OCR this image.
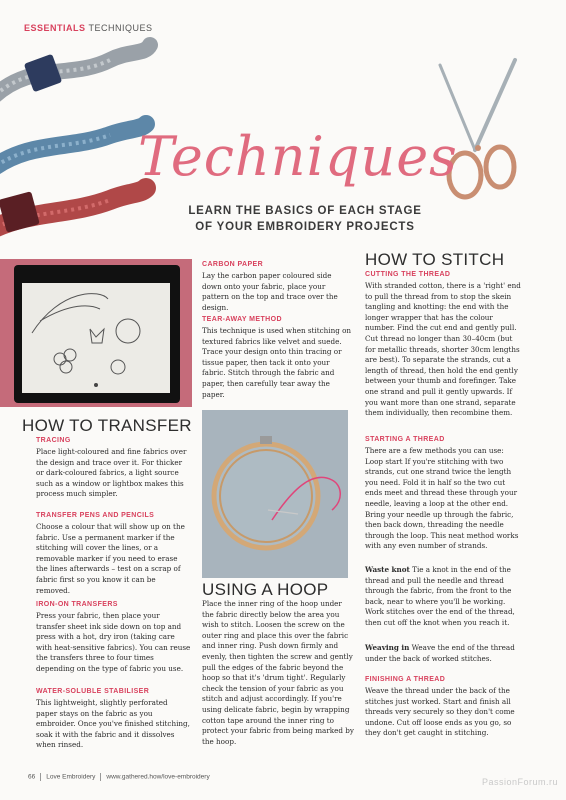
ESSENTIALS TECHNIQUES
Techniques
LEARN THE BASICS OF EACH STAGE
OF YOUR EMBROIDERY PROJECTS
HOW TO TRANSFER
TRACING
Place light-coloured and fine fabrics over the design and trace over it. For thicker or dark-coloured fabrics, a light source such as a window or lightbox makes this process much simpler.
TRANSFER PENS AND PENCILS
Choose a colour that will show up on the fabric. Use a permanent marker if the stitching will cover the lines, or a removable marker if you need to erase the lines afterwards – test on a scrap of fabric first so you know it can be removed.
IRON-ON TRANSFERS
Press your fabric, then place your transfer sheet ink side down on top and press with a hot, dry iron (taking care with heat-sensitive fabrics). You can reuse the transfers three to four times depending on the type of fabric you use.
WATER-SOLUBLE STABILISER
This lightweight, slightly perforated paper stays on the fabric as you embroider. Once you've finished stitching, soak it with the fabric and it dissolves when rinsed.
CARBON PAPER
Lay the carbon paper coloured side down onto your fabric, place your pattern on the top and trace over the design.
TEAR-AWAY METHOD
This technique is used when stitching on textured fabrics like velvet and suede. Trace your design onto thin tracing or tissue paper, then tack it onto your fabric. Stitch through the fabric and paper, then carefully tear away the paper.
USING A HOOP
Place the inner ring of the hoop under the fabric directly below the area you wish to stitch. Loosen the screw on the outer ring and place this over the fabric and inner ring. Push down firmly and evenly, then tighten the screw and gently pull the edges of the fabric beyond the hoop so that it's 'drum tight'. Regularly check the tension of your fabric as you stitch and adjust accordingly. If you're using delicate fabric, begin by wrapping cotton tape around the inner ring to protect your fabric from being marked by the hoop.
HOW TO STITCH
CUTTING THE THREAD
With stranded cotton, there is a 'right' end to pull the thread from to stop the skein tangling and knotting: the end with the longer wrapper that has the colour number. Find the cut end and gently pull. Cut thread no longer than 30–40cm (but for metallic threads, shorter 30cm lengths are best). To separate the strands, cut a length of thread, then hold the end gently between your thumb and forefinger. Take one strand and pull it gently upwards. If you want more than one strand, separate them individually, then recombine them.
STARTING A THREAD
There are a few methods you can use: Loop start If you're stitching with two strands, cut one strand twice the length you need. Fold it in half so the two cut ends meet and thread these through your needle, leaving a loop at the other end. Bring your needle up through the fabric, then back down, threading the needle through the loop. This neat method works with any even number of strands.
Waste knot Tie a knot in the end of the thread and pull the needle and thread through the fabric, from the front to the back, near to where you'll be working. Work stitches over the end of the thread, then cut off the knot when you reach it.
Weaving in Weave the end of the thread under the back of worked stitches.
FINISHING A THREAD
Weave the thread under the back of the stitches just worked. Start and finish all threads very securely so they don't come undone. Cut off loose ends as you go, so they don't get caught in stitching.
66 Love Embroidery www.gathered.how/love-embroidery	PassionForum.ru
